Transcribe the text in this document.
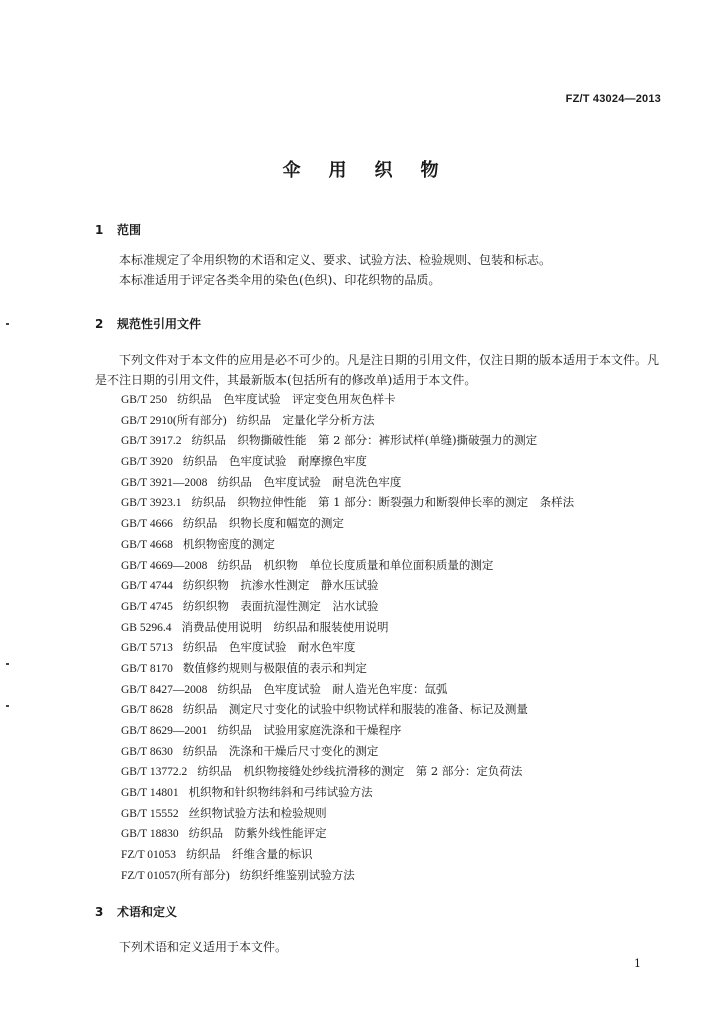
FZ/T 43024—2013
伞用织物
1 范围
本标准规定了伞用织物的术语和定义、要求、试验方法、检验规则、包装和标志。
本标准适用于评定各类伞用的染色(色织)、印花织物的品质。
2 规范性引用文件
下列文件对于本文件的应用是必不可少的。凡是注日期的引用文件，仅注日期的版本适用于本文件。凡是不注日期的引用文件，其最新版本(包括所有的修改单)适用于本文件。
GB/T 250 纺织品　色牢度试验　评定变色用灰色样卡
GB/T 2910(所有部分) 纺织品　定量化学分析方法
GB/T 3917.2 纺织品　织物撕破性能　第 2 部分：裤形试样(单缝)撕破强力的测定
GB/T 3920 纺织品　色牢度试验　耐摩擦色牢度
GB/T 3921—2008 纺织品　色牢度试验　耐皂洗色牢度
GB/T 3923.1 纺织品　织物拉伸性能　第 1 部分：断裂强力和断裂伸长率的测定　条样法
GB/T 4666 纺织品　织物长度和幅宽的测定
GB/T 4668 机织物密度的测定
GB/T 4669—2008 纺织品　机织物　单位长度质量和单位面积质量的测定
GB/T 4744 纺织织物　抗渗水性测定　静水压试验
GB/T 4745 纺织织物　表面抗湿性测定　沾水试验
GB 5296.4 消费品使用说明　纺织品和服装使用说明
GB/T 5713 纺织品　色牢度试验　耐水色牢度
GB/T 8170 数值修约规则与极限值的表示和判定
GB/T 8427—2008 纺织品　色牢度试验　耐人造光色牢度：氙弧
GB/T 8628 纺织品　测定尺寸变化的试验中织物试样和服装的准备、标记及测量
GB/T 8629—2001 纺织品　试验用家庭洗涤和干燥程序
GB/T 8630 纺织品　洗涤和干燥后尺寸变化的测定
GB/T 13772.2 纺织品　机织物接缝处纱线抗滑移的测定　第 2 部分：定负荷法
GB/T 14801 机织物和针织物纬斜和弓纬试验方法
GB/T 15552 丝织物试验方法和检验规则
GB/T 18830 纺织品　防紫外线性能评定
FZ/T 01053 纺织品　纤维含量的标识
FZ/T 01057(所有部分) 纺织纤维鉴别试验方法
3 术语和定义
下列术语和定义适用于本文件。
1
